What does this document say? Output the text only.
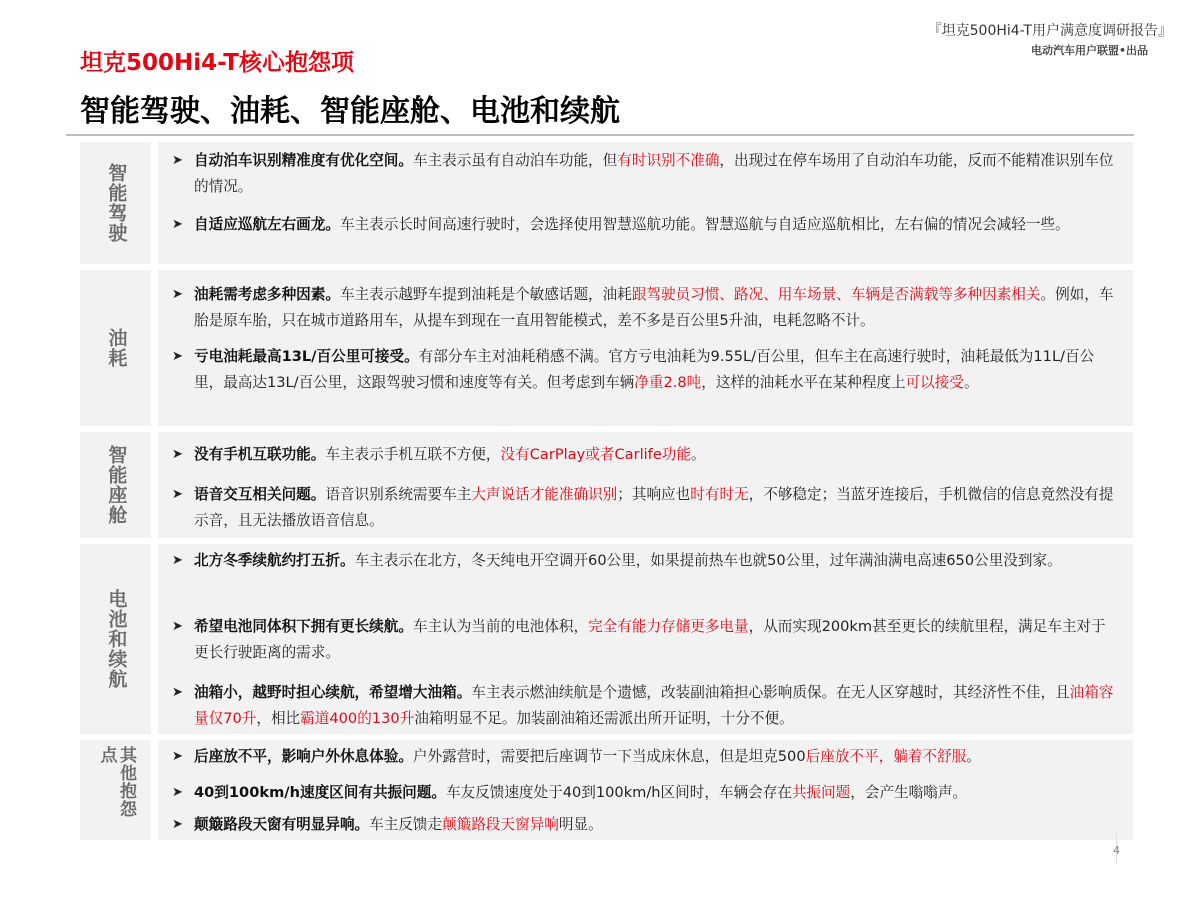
『坦克500Hi4-T用户满意度调研报告』
电动汽车用户联盟•出品
坦克500Hi4-T核心抱怨项
智能驾驶、油耗、智能座舱、电池和续航
智能驾驶
➤ 自动泊车识别精准度有优化空间。车主表示虽有自动泊车功能，但有时识别不准确，出现过在停车场用了自动泊车功能，反而不能精准识别车位的情况。
➤ 自适应巡航左右画龙。车主表示长时间高速行驶时，会选择使用智慧巡航功能。智慧巡航与自适应巡航相比，左右偏的情况会减轻一些。
油耗
➤ 油耗需考虑多种因素。车主表示越野车提到油耗是个敏感话题，油耗跟驾驶员习惯、路况、用车场景、车辆是否满载等多种因素相关。例如，车胎是原车胎，只在城市道路用车，从提车到现在一直用智能模式，差不多是百公里5升油，电耗忽略不计。
➤ 亏电油耗最高13L/百公里可接受。有部分车主对油耗稍感不满。官方亏电油耗为9.55L/百公里，但车主在高速行驶时，油耗最低为11L/百公里，最高达13L/百公里，这跟驾驶习惯和速度等有关。但考虑到车辆净重2.8吨，这样的油耗水平在某种程度上可以接受。
智能座舱	➤ 没有手机互联功能。车主表示手机互联不方便，没有CarPlay或者Carlife功能。
➤ 语音交互相关问题。语音识别系统需要车主大声说话才能准确识别；其响应也时有时无，不够稳定；当蓝牙连接后，手机微信的信息竟然没有提示音，且无法播放语音信息。
电池和续航
➤ 北方冬季续航约打五折。车主表示在北方，冬天纯电开空调开60公里，如果提前热车也就50公里，过年满油满电高速650公里没到家。
➤ 希望电池同体积下拥有更长续航。车主认为当前的电池体积，完全有能力存储更多电量，从而实现200km甚至更长的续航里程，满足车主对于更长行驶距离的需求。
➤ 油箱小，越野时担心续航，希望增大油箱。车主表示燃油续航是个遗憾，改装副油箱担心影响质保。在无人区穿越时，其经济性不佳，且油箱容量仅70升，相比霸道400的130升油箱明显不足。加装副油箱还需派出所开证明，十分不便。
其他抱怨点	➤ 后座放不平，影响户外休息体验。户外露营时，需要把后座调节一下当成床休息，但是坦克500后座放不平，躺着不舒服。
➤ 40到100km/h速度区间有共振问题。车友反馈速度处于40到100km/h区间时，车辆会存在共振问题，会产生嗡嗡声。
➤ 颠簸路段天窗有明显异响。车主反馈走颠簸路段天窗异响明显。
4
